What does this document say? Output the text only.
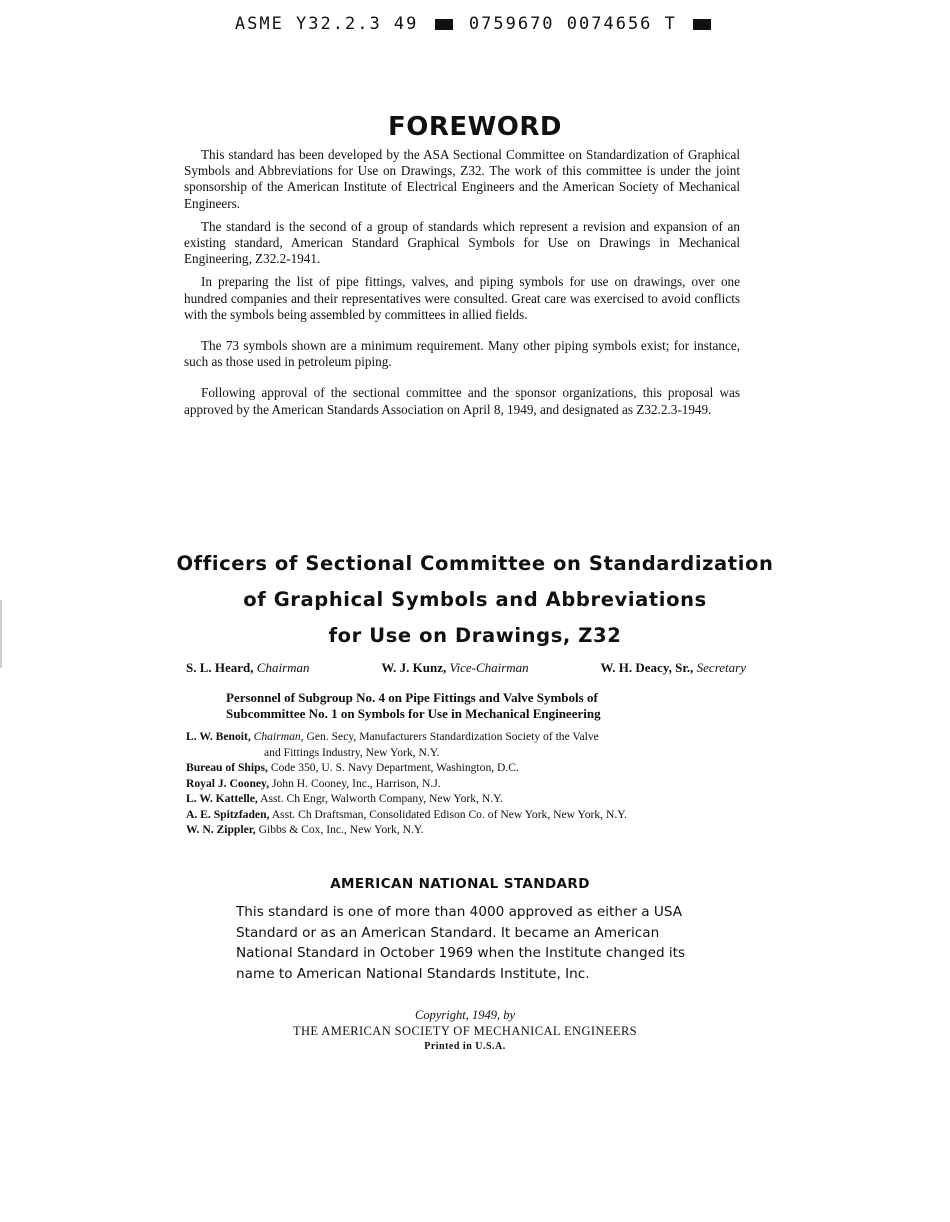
ASME Y32.2.3 49	0759670 0074656 T
FOREWORD

This standard has been developed by the ASA Sectional Committee on Standardization of Graphical Symbols and Abbreviations for Use on Drawings, Z32. The work of this committee is under the joint sponsorship of the American Institute of Electrical Engineers and the American Society of Mechanical Engineers.

The standard is the second of a group of standards which represent a revision and expansion of an existing standard, American Standard Graphical Symbols for Use on Drawings in Mechanical Engineering, Z32.2-1941.

In preparing the list of pipe fittings, valves, and piping symbols for use on drawings, over one hundred companies and their representatives were consulted. Great care was exercised to avoid conflicts with the symbols being assembled by committees in allied fields.

The 73 symbols shown are a minimum requirement. Many other piping symbols exist; for instance, such as those used in petroleum piping.

Following approval of the sectional committee and the sponsor organizations, this proposal was approved by the American Standards Association on April 8, 1949, and designated as Z32.2.3-1949.

Officers of Sectional Committee on Standardization
of Graphical Symbols and Abbreviations
for Use on Drawings, Z32
S. L. Heard, Chairman	W. J. Kunz, Vice-Chairman	W. H. Deacy, Sr., Secretary
Personnel of Subgroup No. 4 on Pipe Fittings and Valve Symbols of
Subcommittee No. 1 on Symbols for Use in Mechanical Engineering
L. W. Benoit, Chairman, Gen. Secy, Manufacturers Standardization Society of the Valve
and Fittings Industry, New York, N.Y.
Bureau of Ships, Code 350, U. S. Navy Department, Washington, D.C.
Royal J. Cooney, John H. Cooney, Inc., Harrison, N.J.
L. W. Kattelle, Asst. Ch Engr, Walworth Company, New York, N.Y.
A. E. Spitzfaden, Asst. Ch Draftsman, Consolidated Edison Co. of New York, New York, N.Y.
W. N. Zippler, Gibbs & Cox, Inc., New York, N.Y.
AMERICAN NATIONAL STANDARD
This standard is one of more than 4000 approved as either a USA Standard or as an American Standard. It became an American National Standard in October 1969 when the Institute changed its name to American National Standards Institute, Inc.
Copyright, 1949, by
THE AMERICAN SOCIETY OF MECHANICAL ENGINEERS
Printed in U.S.A.
